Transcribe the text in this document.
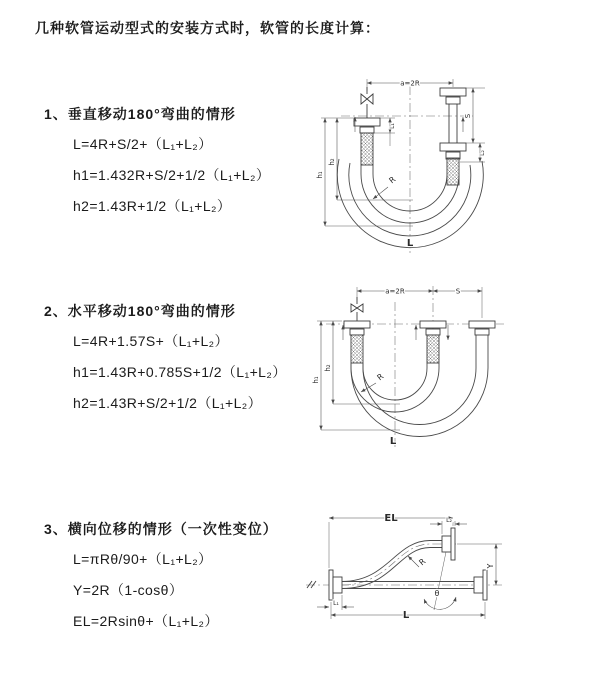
几种软管运动型式的安装方式时，软管的长度计算：
1、垂直移动180°弯曲的情形

L=4R+S/2+（L₁+L₂）

h1=1.432R+S/2+1/2（L₁+L₂）

h2=1.43R+1/2（L₁+L₂）

a=2R
h₁
h₂
L₁
S
L₂
R
L
2、水平移动180°弯曲的情形

L=4R+1.57S+（L₁+L₂）

h1=1.43R+0.785S+1/2（L₁+L₂）

h2=1.43R+S/2+1/2（L₁+L₂）

a=2R	S
h₁
h₂
R
L
3、横向位移的情形（一次性变位）

L=πRθ/90+（L₁+L₂）

Y=2R（1-cosθ）

EL=2Rsinθ+（L₁+L₂）

EL	L₂
Y
θ
R
L
L₁
